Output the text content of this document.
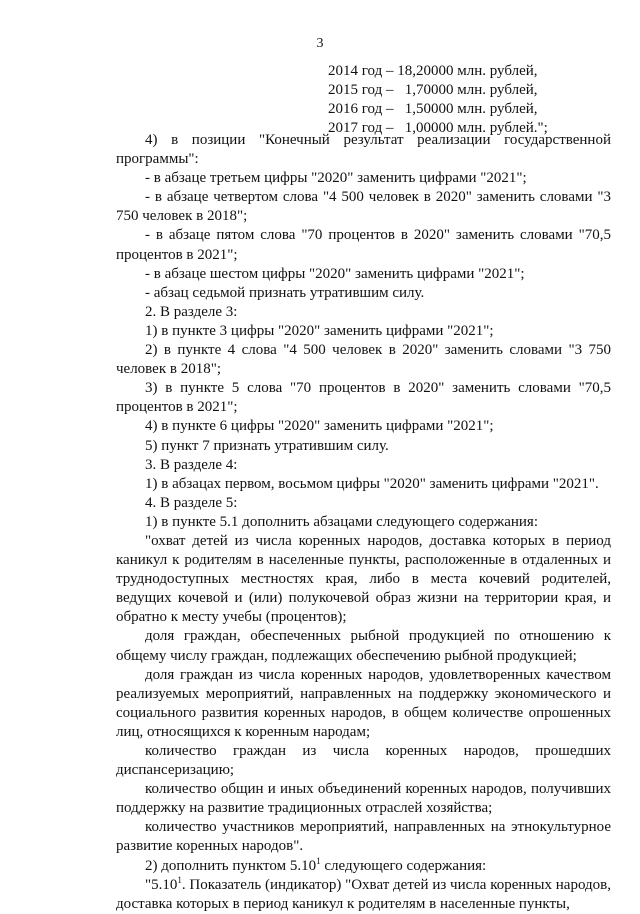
3
2014 год – 18,20000 млн. рублей,
2015 год –   1,70000 млн. рублей,
2016 год –   1,50000 млн. рублей,
2017 год –   1,00000 млн. рублей.";

4) в позиции "Конечный результат реализации государственной программы":

- в абзаце третьем цифры "2020" заменить цифрами "2021";

- в абзаце четвертом слова "4 500 человек в 2020" заменить словами "3 750 человек в 2018";

- в абзаце пятом слова "70 процентов в 2020" заменить словами "70,5 процентов в 2021";

- в абзаце шестом цифры "2020" заменить цифрами "2021";

- абзац седьмой признать утратившим силу.

2. В разделе 3:

1) в пункте 3 цифры "2020" заменить цифрами "2021";

2) в пункте 4 слова "4 500 человек в 2020" заменить словами "3 750 человек в 2018";

3) в пункте 5 слова "70 процентов в 2020" заменить словами "70,5 процентов в 2021";

4) в пункте 6 цифры "2020" заменить цифрами "2021";

5) пункт 7 признать утратившим силу.

3. В разделе 4:

1) в абзацах первом, восьмом цифры "2020" заменить цифрами "2021".

4. В разделе 5:

1) в пункте 5.1 дополнить абзацами следующего содержания:

"охват детей из числа коренных народов, доставка которых в период каникул к родителям в населенные пункты, расположенные в отдаленных и труднодоступных местностях края, либо в места кочевий родителей, ведущих кочевой и (или) полукочевой образ жизни на территории края, и обратно к месту учебы (процентов);

доля граждан, обеспеченных рыбной продукцией по отношению к общему числу граждан, подлежащих обеспечению рыбной продукцией;

доля граждан из числа коренных народов, удовлетворенных качеством реализуемых мероприятий, направленных на поддержку экономического и социального развития коренных народов, в общем количестве опрошенных лиц, относящихся к коренным народам;

количество граждан из числа коренных народов, прошедших диспансеризацию;

количество общин и иных объединений коренных народов, получивших поддержку на развитие традиционных отраслей хозяйства;

количество участников мероприятий, направленных на этнокультурное развитие коренных народов".

2) дополнить пунктом 5.10$^1$ следующего содержания:

"5.10$^1$. Показатель (индикатор) "Охват детей из числа коренных народов, доставка которых в период каникул к родителям в населенные пункты,
